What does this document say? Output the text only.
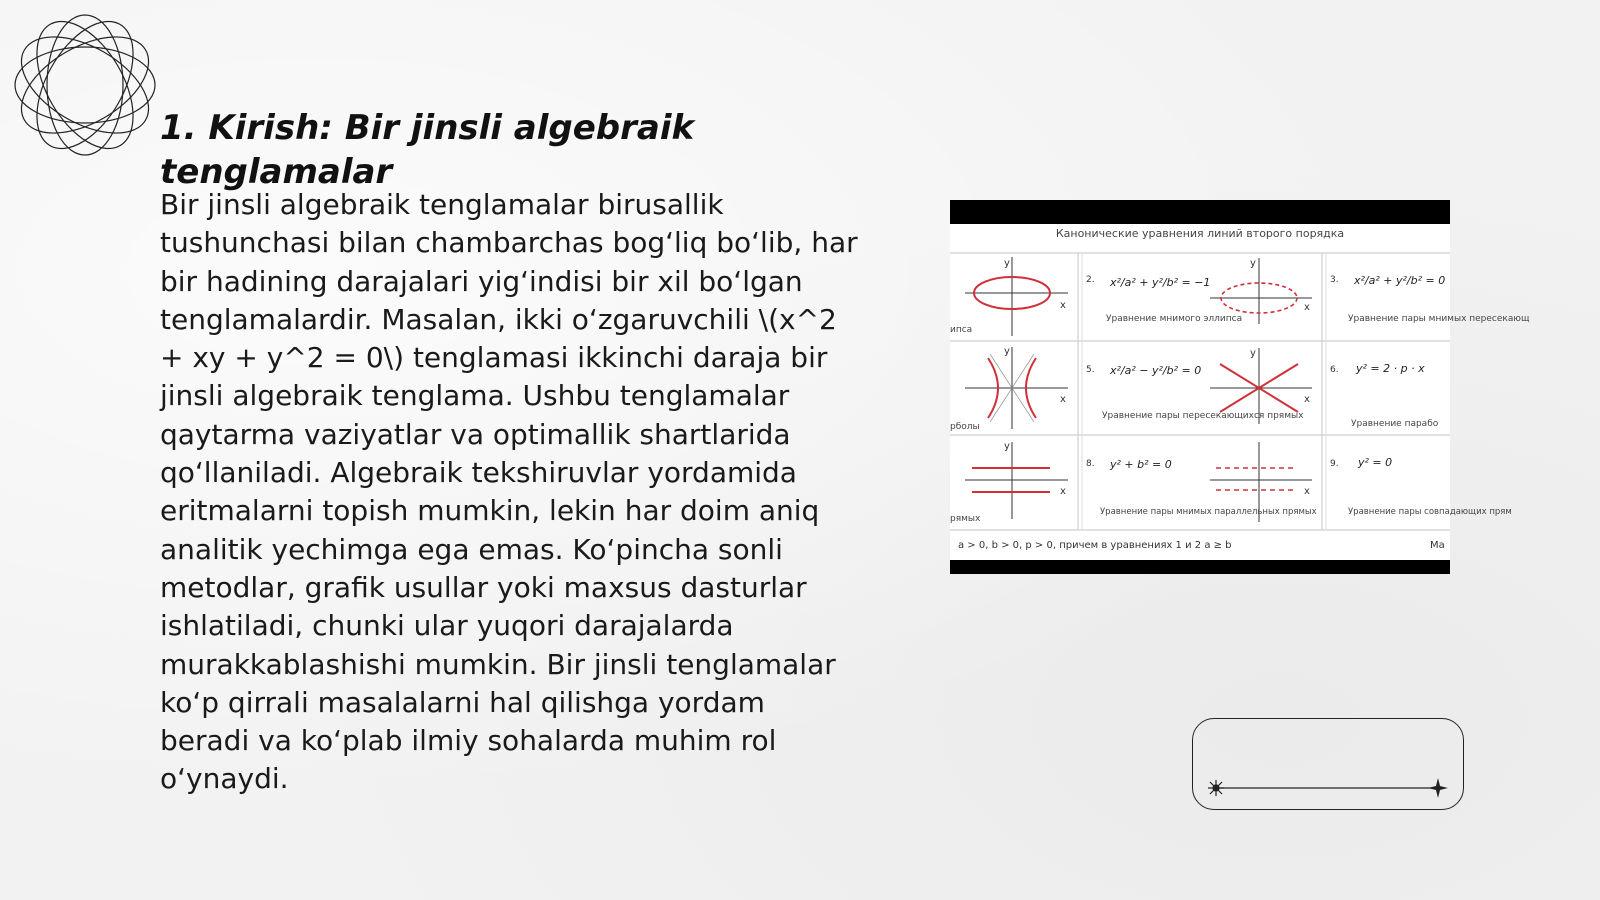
1. Kirish: Bir jinsli algebraik tenglamalar

Bir jinsli algebraik tenglamalar birusallik tushunchasi bilan chambarchas bog‘liq bo‘lib, har bir hadining darajalari yig‘indisi bir xil bo‘lgan tenglamalardir. Masalan, ikki o‘zgaruvchili \(x^2 + xy + y^2 = 0\) tenglamasi ikkinchi daraja bir jinsli algebraik tenglama. Ushbu tenglamalar qaytarma vaziyatlar va optimallik shartlarida qo‘llaniladi. Algebraik tekshiruvlar yordamida eritmalarni topish mumkin, lekin har doim aniq analitik yechimga ega emas. Ko‘pincha sonli metodlar, grafik usullar yoki maxsus dasturlar ishlatiladi, chunki ular yuqori darajalarda murakkablashishi mumkin. Bir jinsli tenglamalar ko‘p qirrali masalalarni hal qilishga yordam beradi va ko‘plab ilmiy sohalarda muhim rol o‘ynaydi.

Канонические уравнения линий второго порядка
x
y
ипса
2. x²/a² + y²/b² = −1
Уравнение мнимого эллипса
x
y
3. x²/a² + y²/b² = 0
Уравнение пары мнимых пересекающ
x
y
рболы
5. x²/a² − y²/b² = 0
Уравнение пары пересекающихся прямых
x
y
6. y² = 2 · p · x
Уравнение парабо
x
y
рямых
8. y² + b² = 0
Уравнение пары мнимых параллельных прямых
x
9. y² = 0
Уравнение пары совпадающих прям
a > 0, b > 0, p > 0, причем в уравнениях 1 и 2 a ≥ b	Ma
